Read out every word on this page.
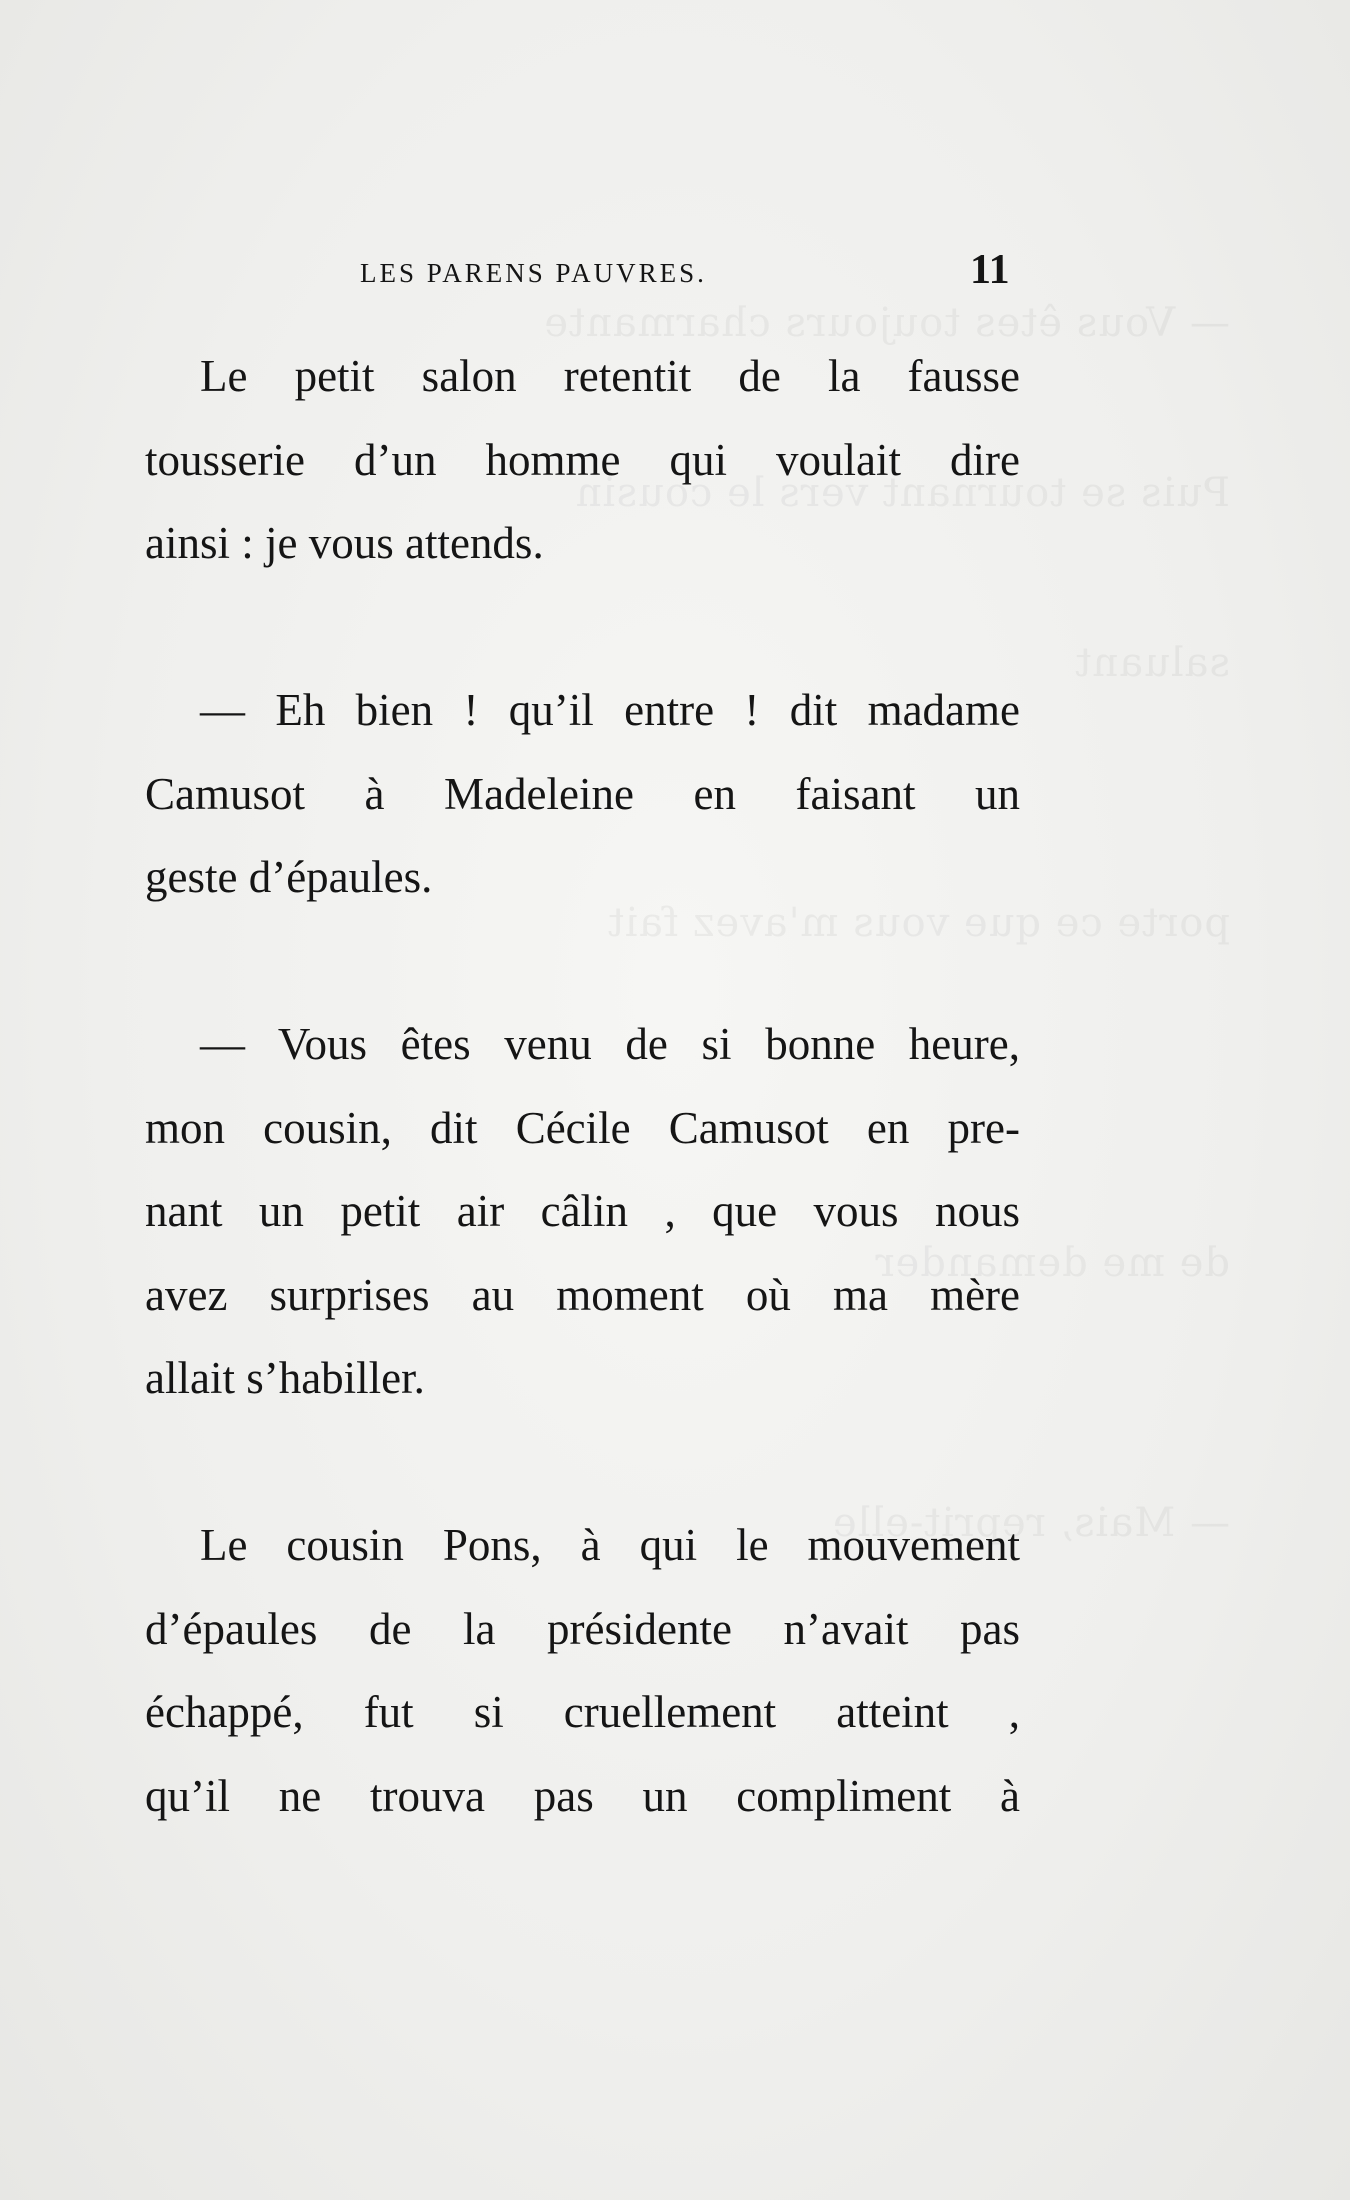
— Vous êtes toujours charmante
Puis se tournant vers le cousin
saluant
porte ce que vous m'avez fait
de me demander
— Mais, reprit-elle
LES PARENS PAUVRES.	11

Le petit salon retentit de la fausse
tousserie d’un homme qui voulait dire
ainsi : je vous attends.

— Eh bien ! qu’il entre ! dit madame
Camusot à Madeleine en faisant un
geste d’épaules.

— Vous êtes venu de si bonne heure,
mon cousin, dit Cécile Camusot en pre-
nant un petit air câlin , que vous nous
avez surprises au moment où ma mère
allait s’habiller.

Le cousin Pons, à qui le mouvement
d’épaules de la présidente n’avait pas
échappé, fut si cruellement atteint ,
qu’il ne trouva pas un compliment à
